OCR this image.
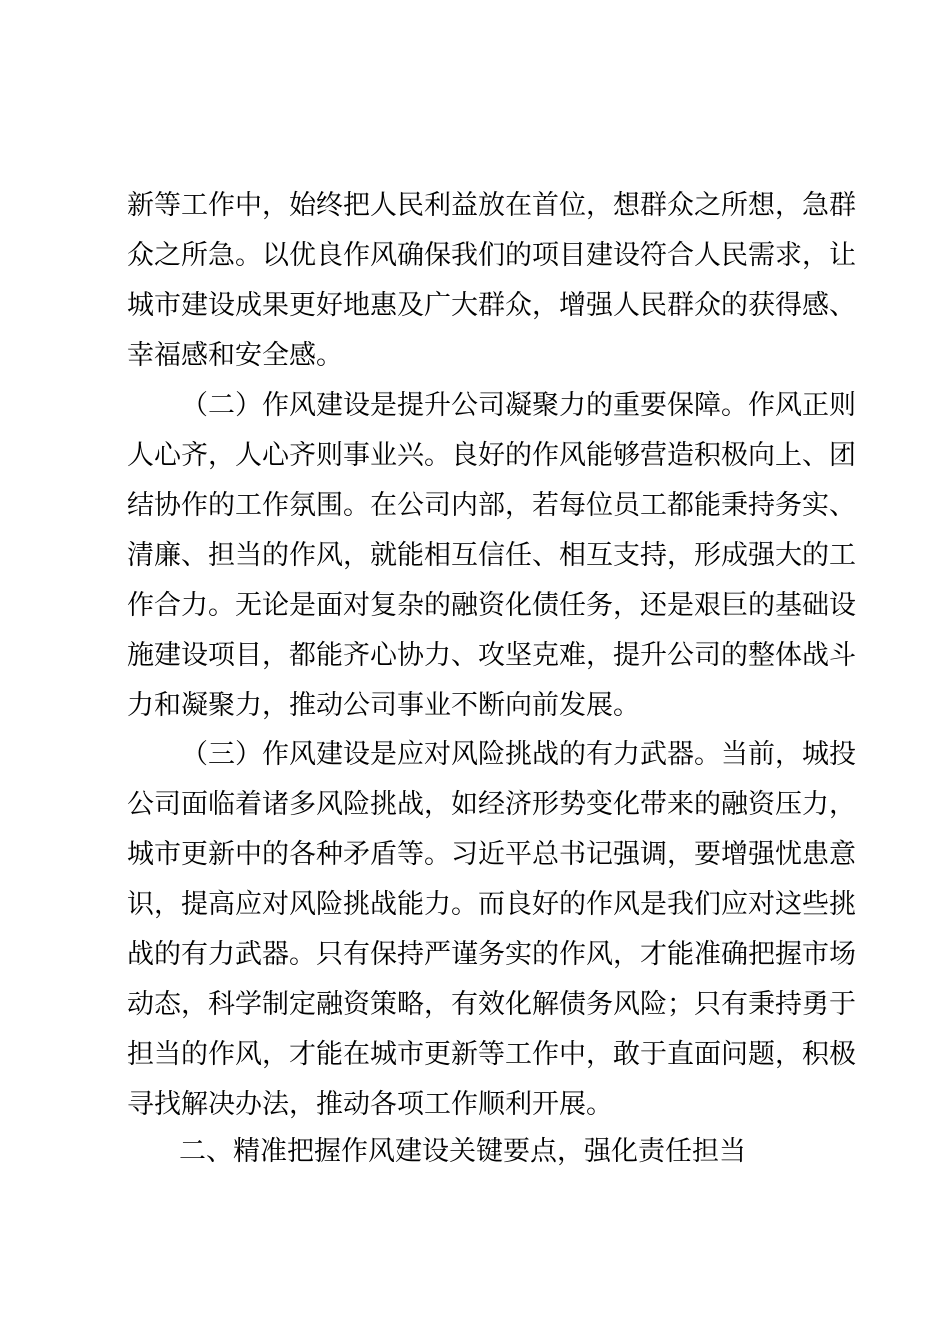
新等工作中，始终把人民利益放在首位，想群众之所想，急群
众之所急。以优良作风确保我们的项目建设符合人民需求，让
城市建设成果更好地惠及广大群众，增强人民群众的获得感、
幸福感和安全感。
（二）作风建设是提升公司凝聚力的重要保障。作风正则
人心齐，人心齐则事业兴。良好的作风能够营造积极向上、团
结协作的工作氛围。在公司内部，若每位员工都能秉持务实、
清廉、担当的作风，就能相互信任、相互支持，形成强大的工
作合力。无论是面对复杂的融资化债任务，还是艰巨的基础设
施建设项目，都能齐心协力、攻坚克难，提升公司的整体战斗
力和凝聚力，推动公司事业不断向前发展。
（三）作风建设是应对风险挑战的有力武器。当前，城投
公司面临着诸多风险挑战，如经济形势变化带来的融资压力，
城市更新中的各种矛盾等。习近平总书记强调，要增强忧患意
识，提高应对风险挑战能力。而良好的作风是我们应对这些挑
战的有力武器。只有保持严谨务实的作风，才能准确把握市场
动态，科学制定融资策略，有效化解债务风险；只有秉持勇于
担当的作风，才能在城市更新等工作中，敢于直面问题，积极
寻找解决办法，推动各项工作顺利开展。
二、精准把握作风建设关键要点，强化责任担当
